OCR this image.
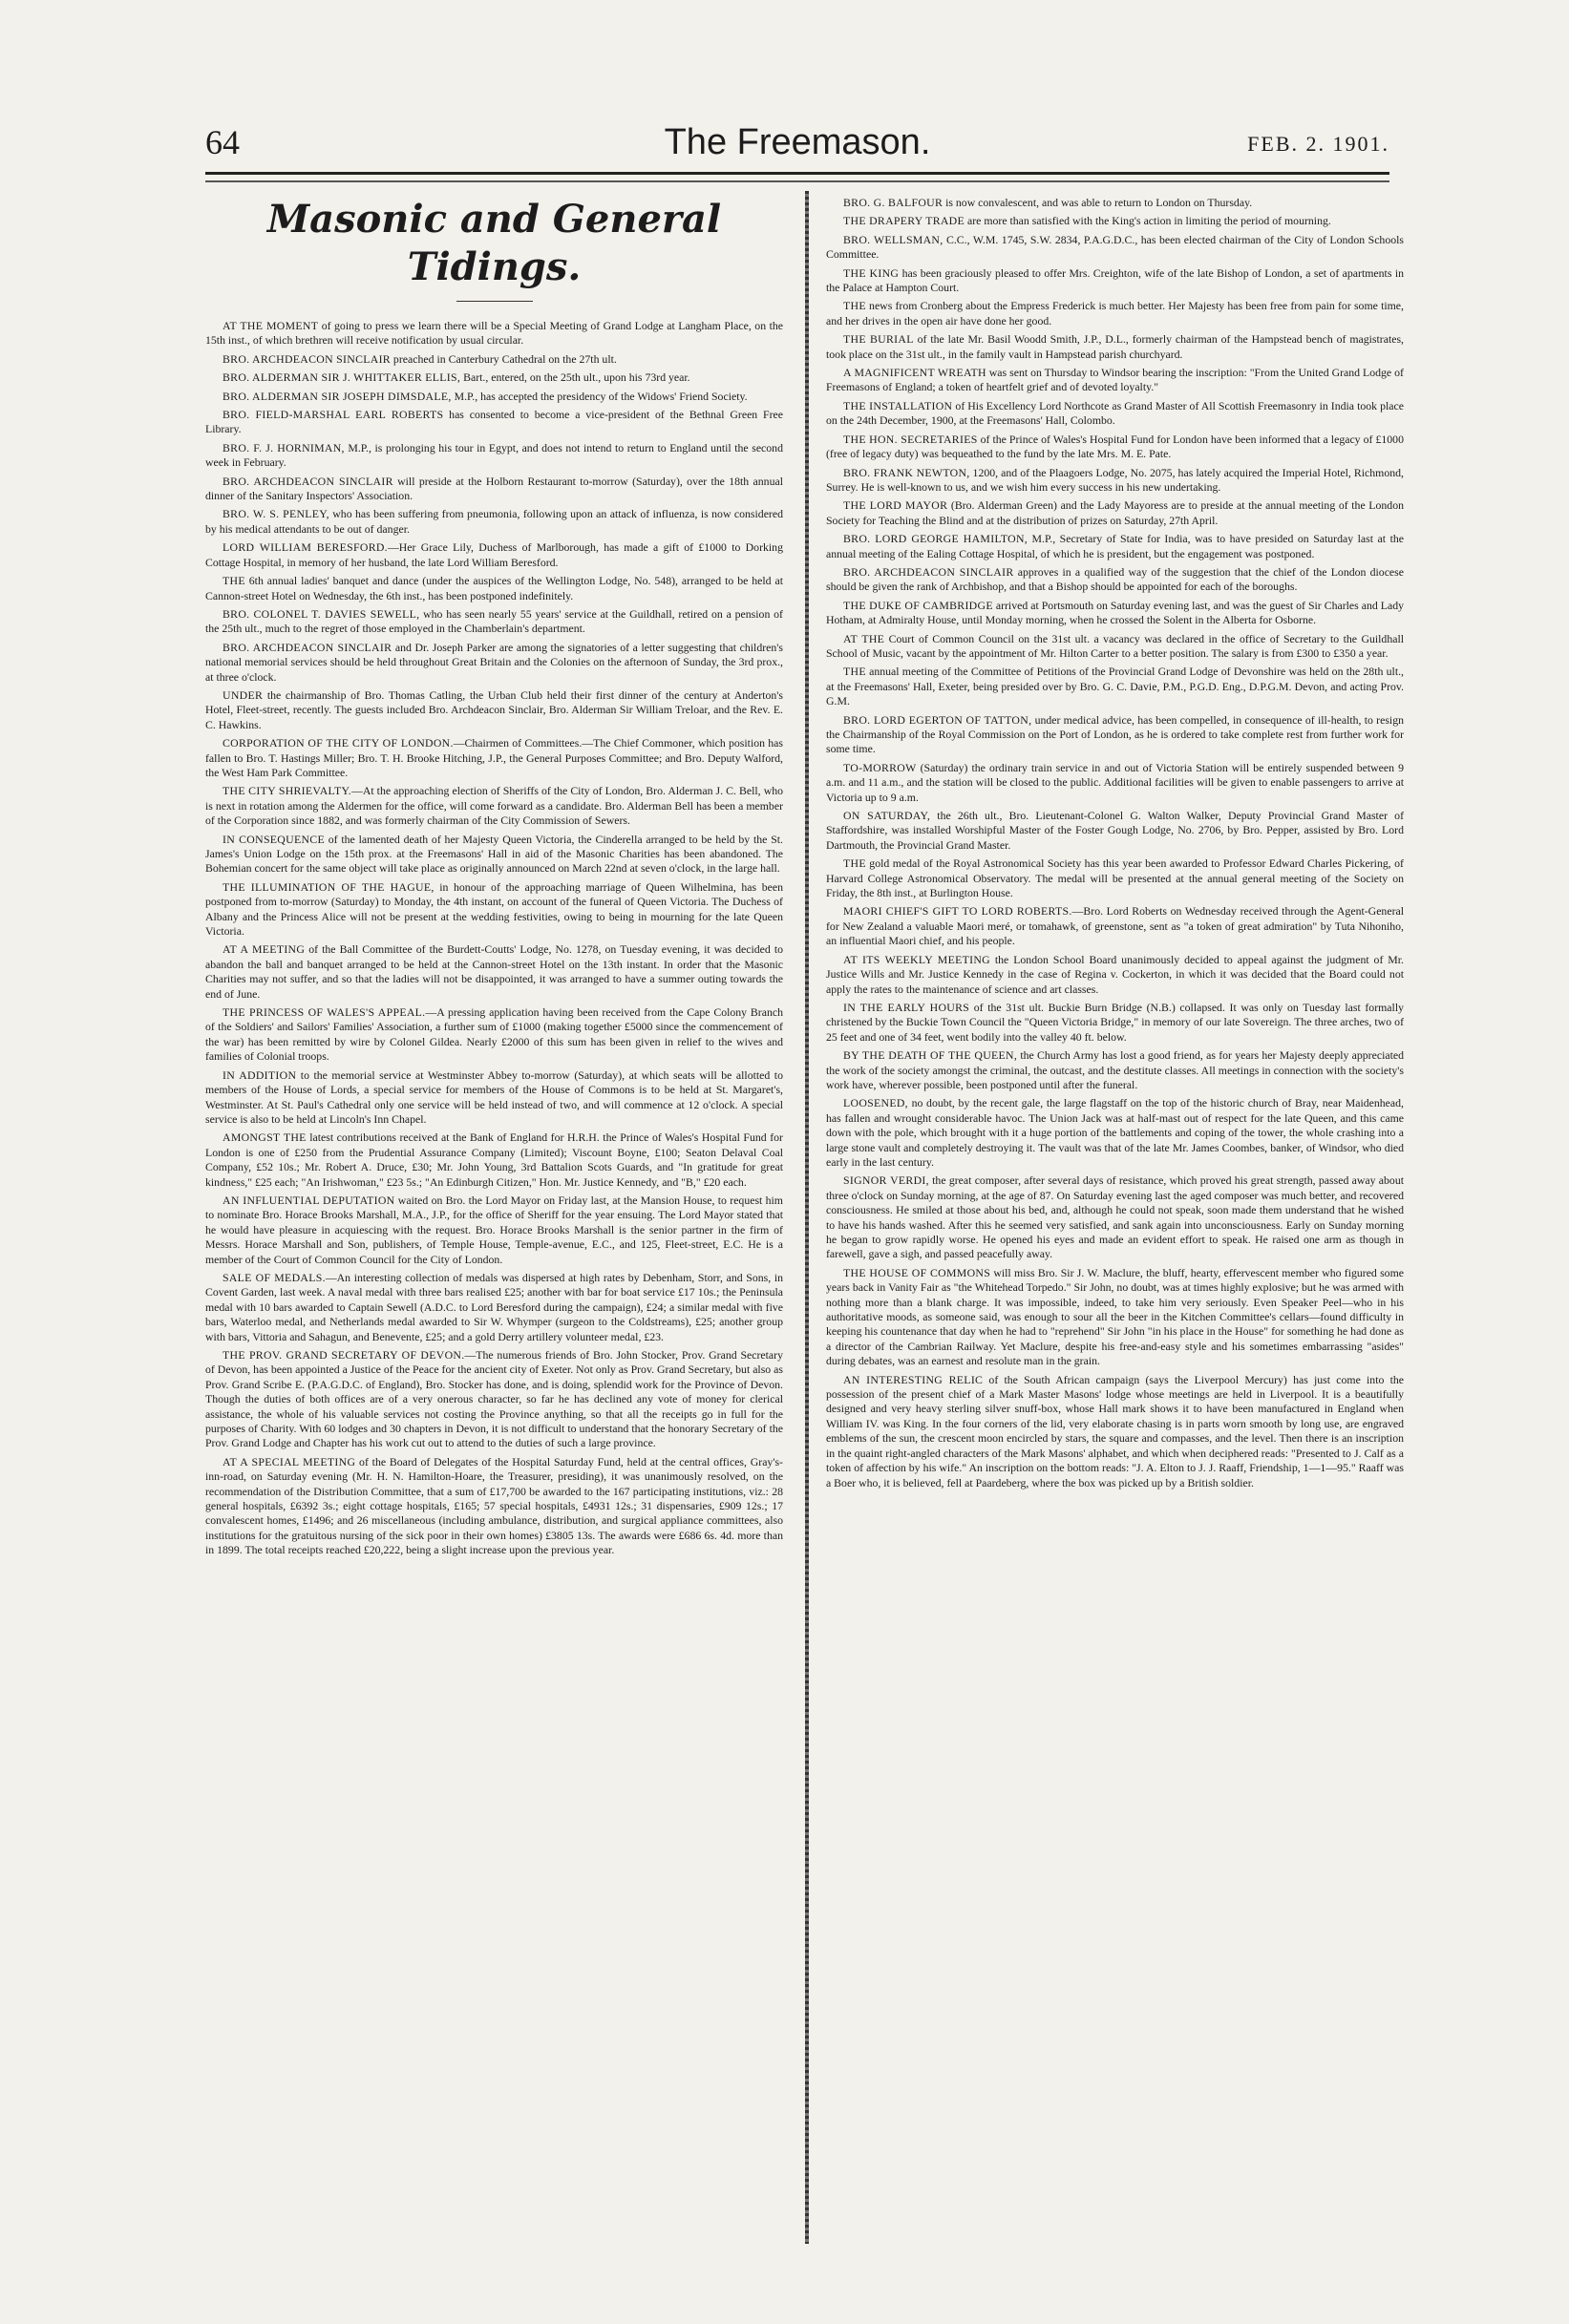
64	The Freemason.	FEB. 2. 1901.
Masonic and General Tidings.

AT THE MOMENT of going to press we learn there will be a Special Meeting of Grand Lodge at Langham Place, on the 15th inst., of which brethren will receive notification by usual circular.

BRO. ARCHDEACON SINCLAIR preached in Canterbury Cathedral on the 27th ult.

BRO. ALDERMAN SIR J. WHITTAKER ELLIS, Bart., entered, on the 25th ult., upon his 73rd year.

BRO. ALDERMAN SIR JOSEPH DIMSDALE, M.P., has accepted the presidency of the Widows' Friend Society.

BRO. FIELD-MARSHAL EARL ROBERTS has consented to become a vice-president of the Bethnal Green Free Library.

BRO. F. J. HORNIMAN, M.P., is prolonging his tour in Egypt, and does not intend to return to England until the second week in February.

BRO. ARCHDEACON SINCLAIR will preside at the Holborn Restaurant to-morrow (Saturday), over the 18th annual dinner of the Sanitary Inspectors' Association.

BRO. W. S. PENLEY, who has been suffering from pneumonia, following upon an attack of influenza, is now considered by his medical attendants to be out of danger.

LORD WILLIAM BERESFORD.—Her Grace Lily, Duchess of Marlborough, has made a gift of £1000 to Dorking Cottage Hospital, in memory of her husband, the late Lord William Beresford.

THE 6th annual ladies' banquet and dance (under the auspices of the Wellington Lodge, No. 548), arranged to be held at Cannon-street Hotel on Wednesday, the 6th inst., has been postponed indefinitely.

BRO. COLONEL T. DAVIES SEWELL, who has seen nearly 55 years' service at the Guildhall, retired on a pension of the 25th ult., much to the regret of those employed in the Chamberlain's department.

BRO. ARCHDEACON SINCLAIR and Dr. Joseph Parker are among the signatories of a letter suggesting that children's national memorial services should be held throughout Great Britain and the Colonies on the afternoon of Sunday, the 3rd prox., at three o'clock.

UNDER the chairmanship of Bro. Thomas Catling, the Urban Club held their first dinner of the century at Anderton's Hotel, Fleet-street, recently. The guests included Bro. Archdeacon Sinclair, Bro. Alderman Sir William Treloar, and the Rev. E. C. Hawkins.

CORPORATION OF THE CITY OF LONDON.—Chairmen of Committees.—The Chief Commoner, which position has fallen to Bro. T. Hastings Miller; Bro. T. H. Brooke Hitching, J.P., the General Purposes Committee; and Bro. Deputy Walford, the West Ham Park Committee.

THE CITY SHRIEVALTY.—At the approaching election of Sheriffs of the City of London, Bro. Alderman J. C. Bell, who is next in rotation among the Aldermen for the office, will come forward as a candidate. Bro. Alderman Bell has been a member of the Corporation since 1882, and was formerly chairman of the City Commission of Sewers.

IN CONSEQUENCE of the lamented death of her Majesty Queen Victoria, the Cinderella arranged to be held by the St. James's Union Lodge on the 15th prox. at the Freemasons' Hall in aid of the Masonic Charities has been abandoned. The Bohemian concert for the same object will take place as originally announced on March 22nd at seven o'clock, in the large hall.

THE ILLUMINATION OF THE HAGUE, in honour of the approaching marriage of Queen Wilhelmina, has been postponed from to-morrow (Saturday) to Monday, the 4th instant, on account of the funeral of Queen Victoria. The Duchess of Albany and the Princess Alice will not be present at the wedding festivities, owing to being in mourning for the late Queen Victoria.

AT A MEETING of the Ball Committee of the Burdett-Coutts' Lodge, No. 1278, on Tuesday evening, it was decided to abandon the ball and banquet arranged to be held at the Cannon-street Hotel on the 13th instant. In order that the Masonic Charities may not suffer, and so that the ladies will not be disappointed, it was arranged to have a summer outing towards the end of June.

THE PRINCESS OF WALES'S APPEAL.—A pressing application having been received from the Cape Colony Branch of the Soldiers' and Sailors' Families' Association, a further sum of £1000 (making together £5000 since the commencement of the war) has been remitted by wire by Colonel Gildea. Nearly £2000 of this sum has been given in relief to the wives and families of Colonial troops.

IN ADDITION to the memorial service at Westminster Abbey to-morrow (Saturday), at which seats will be allotted to members of the House of Lords, a special service for members of the House of Commons is to be held at St. Margaret's, Westminster. At St. Paul's Cathedral only one service will be held instead of two, and will commence at 12 o'clock. A special service is also to be held at Lincoln's Inn Chapel.

AMONGST THE latest contributions received at the Bank of England for H.R.H. the Prince of Wales's Hospital Fund for London is one of £250 from the Prudential Assurance Company (Limited); Viscount Boyne, £100; Seaton Delaval Coal Company, £52 10s.; Mr. Robert A. Druce, £30; Mr. John Young, 3rd Battalion Scots Guards, and "In gratitude for great kindness," £25 each; "An Irishwoman," £23 5s.; "An Edinburgh Citizen," Hon. Mr. Justice Kennedy, and "B," £20 each.

AN INFLUENTIAL DEPUTATION waited on Bro. the Lord Mayor on Friday last, at the Mansion House, to request him to nominate Bro. Horace Brooks Marshall, M.A., J.P., for the office of Sheriff for the year ensuing. The Lord Mayor stated that he would have pleasure in acquiescing with the request. Bro. Horace Brooks Marshall is the senior partner in the firm of Messrs. Horace Marshall and Son, publishers, of Temple House, Temple-avenue, E.C., and 125, Fleet-street, E.C. He is a member of the Court of Common Council for the City of London.

SALE OF MEDALS.—An interesting collection of medals was dispersed at high rates by Debenham, Storr, and Sons, in Covent Garden, last week. A naval medal with three bars realised £25; another with bar for boat service £17 10s.; the Peninsula medal with 10 bars awarded to Captain Sewell (A.D.C. to Lord Beresford during the campaign), £24; a similar medal with five bars, Waterloo medal, and Netherlands medal awarded to Sir W. Whymper (surgeon to the Coldstreams), £25; another group with bars, Vittoria and Sahagun, and Benevente, £25; and a gold Derry artillery volunteer medal, £23.

THE PROV. GRAND SECRETARY OF DEVON.—The numerous friends of Bro. John Stocker, Prov. Grand Secretary of Devon, has been appointed a Justice of the Peace for the ancient city of Exeter. Not only as Prov. Grand Secretary, but also as Prov. Grand Scribe E. (P.A.G.D.C. of England), Bro. Stocker has done, and is doing, splendid work for the Province of Devon. Though the duties of both offices are of a very onerous character, so far he has declined any vote of money for clerical assistance, the whole of his valuable services not costing the Province anything, so that all the receipts go in full for the purposes of Charity. With 60 lodges and 30 chapters in Devon, it is not difficult to understand that the honorary Secretary of the Prov. Grand Lodge and Chapter has his work cut out to attend to the duties of such a large province.

AT A SPECIAL MEETING of the Board of Delegates of the Hospital Saturday Fund, held at the central offices, Gray's-inn-road, on Saturday evening (Mr. H. N. Hamilton-Hoare, the Treasurer, presiding), it was unanimously resolved, on the recommendation of the Distribution Committee, that a sum of £17,700 be awarded to the 167 participating institutions, viz.: 28 general hospitals, £6392 3s.; eight cottage hospitals, £165; 57 special hospitals, £4931 12s.; 31 dispensaries, £909 12s.; 17 convalescent homes, £1496; and 26 miscellaneous (including ambulance, distribution, and surgical appliance committees, also institutions for the gratuitous nursing of the sick poor in their own homes) £3805 13s. The awards were £686 6s. 4d. more than in 1899. The total receipts reached £20,222, being a slight increase upon the previous year.

BRO. G. BALFOUR is now convalescent, and was able to return to London on Thursday.

THE DRAPERY TRADE are more than satisfied with the King's action in limiting the period of mourning.

BRO. WELLSMAN, C.C., W.M. 1745, S.W. 2834, P.A.G.D.C., has been elected chairman of the City of London Schools Committee.

THE KING has been graciously pleased to offer Mrs. Creighton, wife of the late Bishop of London, a set of apartments in the Palace at Hampton Court.

THE news from Cronberg about the Empress Frederick is much better. Her Majesty has been free from pain for some time, and her drives in the open air have done her good.

THE BURIAL of the late Mr. Basil Woodd Smith, J.P., D.L., formerly chairman of the Hampstead bench of magistrates, took place on the 31st ult., in the family vault in Hampstead parish churchyard.

A MAGNIFICENT WREATH was sent on Thursday to Windsor bearing the inscription: "From the United Grand Lodge of Freemasons of England; a token of heartfelt grief and of devoted loyalty."

THE INSTALLATION of His Excellency Lord Northcote as Grand Master of All Scottish Freemasonry in India took place on the 24th December, 1900, at the Freemasons' Hall, Colombo.

THE HON. SECRETARIES of the Prince of Wales's Hospital Fund for London have been informed that a legacy of £1000 (free of legacy duty) was bequeathed to the fund by the late Mrs. M. E. Pate.

BRO. FRANK NEWTON, 1200, and of the Plaagoers Lodge, No. 2075, has lately acquired the Imperial Hotel, Richmond, Surrey. He is well-known to us, and we wish him every success in his new undertaking.

THE LORD MAYOR (Bro. Alderman Green) and the Lady Mayoress are to preside at the annual meeting of the London Society for Teaching the Blind and at the distribution of prizes on Saturday, 27th April.

BRO. LORD GEORGE HAMILTON, M.P., Secretary of State for India, was to have presided on Saturday last at the annual meeting of the Ealing Cottage Hospital, of which he is president, but the engagement was postponed.

BRO. ARCHDEACON SINCLAIR approves in a qualified way of the suggestion that the chief of the London diocese should be given the rank of Archbishop, and that a Bishop should be appointed for each of the boroughs.

THE DUKE OF CAMBRIDGE arrived at Portsmouth on Saturday evening last, and was the guest of Sir Charles and Lady Hotham, at Admiralty House, until Monday morning, when he crossed the Solent in the Alberta for Osborne.

AT THE Court of Common Council on the 31st ult. a vacancy was declared in the office of Secretary to the Guildhall School of Music, vacant by the appointment of Mr. Hilton Carter to a better position. The salary is from £300 to £350 a year.

THE annual meeting of the Committee of Petitions of the Provincial Grand Lodge of Devonshire was held on the 28th ult., at the Freemasons' Hall, Exeter, being presided over by Bro. G. C. Davie, P.M., P.G.D. Eng., D.P.G.M. Devon, and acting Prov. G.M.

BRO. LORD EGERTON OF TATTON, under medical advice, has been compelled, in consequence of ill-health, to resign the Chairmanship of the Royal Commission on the Port of London, as he is ordered to take complete rest from further work for some time.

TO-MORROW (Saturday) the ordinary train service in and out of Victoria Station will be entirely suspended between 9 a.m. and 11 a.m., and the station will be closed to the public. Additional facilities will be given to enable passengers to arrive at Victoria up to 9 a.m.

ON SATURDAY, the 26th ult., Bro. Lieutenant-Colonel G. Walton Walker, Deputy Provincial Grand Master of Staffordshire, was installed Worshipful Master of the Foster Gough Lodge, No. 2706, by Bro. Pepper, assisted by Bro. Lord Dartmouth, the Provincial Grand Master.

THE gold medal of the Royal Astronomical Society has this year been awarded to Professor Edward Charles Pickering, of Harvard College Astronomical Observatory. The medal will be presented at the annual general meeting of the Society on Friday, the 8th inst., at Burlington House.

MAORI CHIEF'S GIFT TO LORD ROBERTS.—Bro. Lord Roberts on Wednesday received through the Agent-General for New Zealand a valuable Maori meré, or tomahawk, of greenstone, sent as "a token of great admiration" by Tuta Nihoniho, an influential Maori chief, and his people.

AT ITS WEEKLY MEETING the London School Board unanimously decided to appeal against the judgment of Mr. Justice Wills and Mr. Justice Kennedy in the case of Regina v. Cockerton, in which it was decided that the Board could not apply the rates to the maintenance of science and art classes.

IN THE EARLY HOURS of the 31st ult. Buckie Burn Bridge (N.B.) collapsed. It was only on Tuesday last formally christened by the Buckie Town Council the "Queen Victoria Bridge," in memory of our late Sovereign. The three arches, two of 25 feet and one of 34 feet, went bodily into the valley 40 ft. below.

BY THE DEATH OF THE QUEEN, the Church Army has lost a good friend, as for years her Majesty deeply appreciated the work of the society amongst the criminal, the outcast, and the destitute classes. All meetings in connection with the society's work have, wherever possible, been postponed until after the funeral.

LOOSENED, no doubt, by the recent gale, the large flagstaff on the top of the historic church of Bray, near Maidenhead, has fallen and wrought considerable havoc. The Union Jack was at half-mast out of respect for the late Queen, and this came down with the pole, which brought with it a huge portion of the battlements and coping of the tower, the whole crashing into a large stone vault and completely destroying it. The vault was that of the late Mr. James Coombes, banker, of Windsor, who died early in the last century.

SIGNOR VERDI, the great composer, after several days of resistance, which proved his great strength, passed away about three o'clock on Sunday morning, at the age of 87. On Saturday evening last the aged composer was much better, and recovered consciousness. He smiled at those about his bed, and, although he could not speak, soon made them understand that he wished to have his hands washed. After this he seemed very satisfied, and sank again into unconsciousness. Early on Sunday morning he began to grow rapidly worse. He opened his eyes and made an evident effort to speak. He raised one arm as though in farewell, gave a sigh, and passed peacefully away.

THE HOUSE OF COMMONS will miss Bro. Sir J. W. Maclure, the bluff, hearty, effervescent member who figured some years back in Vanity Fair as "the Whitehead Torpedo." Sir John, no doubt, was at times highly explosive; but he was armed with nothing more than a blank charge. It was impossible, indeed, to take him very seriously. Even Speaker Peel—who in his authoritative moods, as someone said, was enough to sour all the beer in the Kitchen Committee's cellars—found difficulty in keeping his countenance that day when he had to "reprehend" Sir John "in his place in the House" for something he had done as a director of the Cambrian Railway. Yet Maclure, despite his free-and-easy style and his sometimes embarrassing "asides" during debates, was an earnest and resolute man in the grain.

AN INTERESTING RELIC of the South African campaign (says the Liverpool Mercury) has just come into the possession of the present chief of a Mark Master Masons' lodge whose meetings are held in Liverpool. It is a beautifully designed and very heavy sterling silver snuff-box, whose Hall mark shows it to have been manufactured in England when William IV. was King. In the four corners of the lid, very elaborate chasing is in parts worn smooth by long use, are engraved emblems of the sun, the crescent moon encircled by stars, the square and compasses, and the level. Then there is an inscription in the quaint right-angled characters of the Mark Masons' alphabet, and which when deciphered reads: "Presented to J. Calf as a token of affection by his wife." An inscription on the bottom reads: "J. A. Elton to J. J. Raaff, Friendship, 1—1—95." Raaff was a Boer who, it is believed, fell at Paardeberg, where the box was picked up by a British soldier.
